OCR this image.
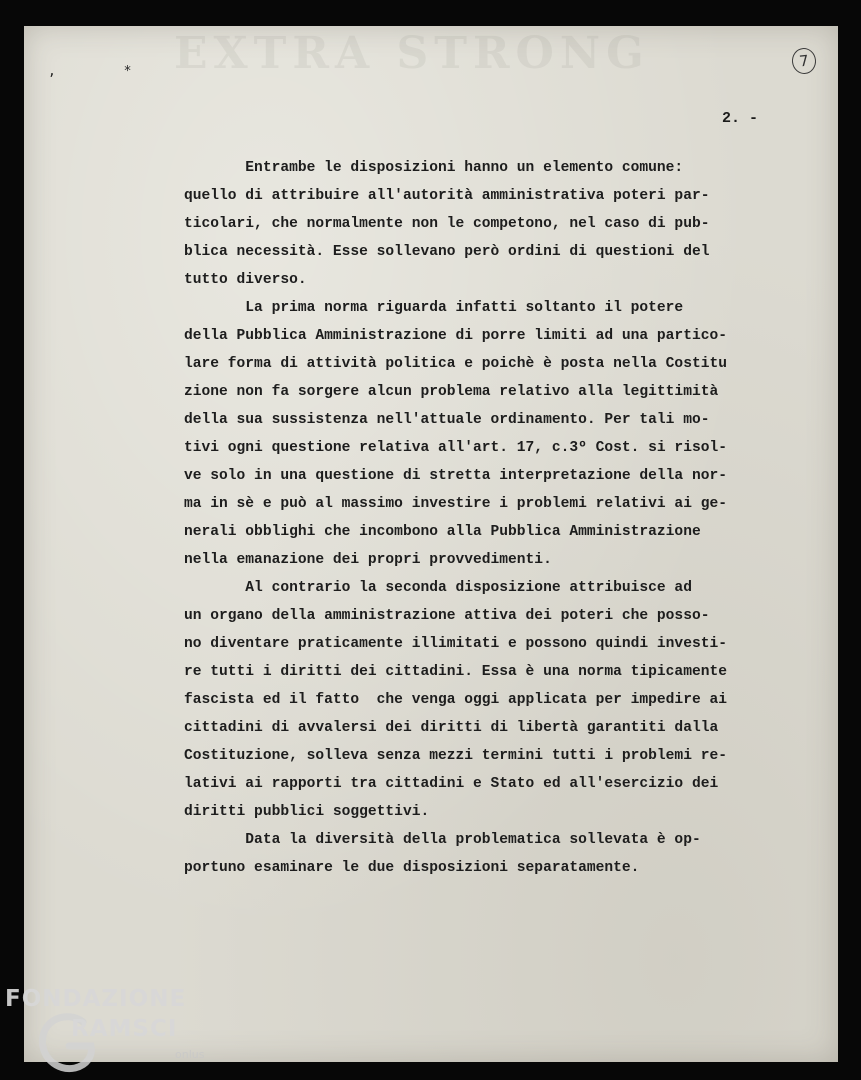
EXTRA STRONG
, *
7
2. -
Entrambe le disposizioni hanno un elemento comune:
quello di attribuire all'autorità amministrativa poteri par-
ticolari, che normalmente non le competono, nel caso di pub-
blica necessità. Esse sollevano però ordini di questioni del
tutto diverso.
La prima norma riguarda infatti soltanto il potere
della Pubblica Amministrazione di porre limiti ad una partico-
lare forma di attività politica e poichè è posta nella Costitu
zione non fa sorgere alcun problema relativo alla legittimità
della sua sussistenza nell'attuale ordinamento. Per tali mo-
tivi ogni questione relativa all'art. 17, c.3º Cost. si risol-
ve solo in una questione di stretta interpretazione della nor-
ma in sè e può al massimo investire i problemi relativi ai ge-
nerali obblighi che incombono alla Pubblica Amministrazione
nella emanazione dei propri provvedimenti.
Al contrario la seconda disposizione attribuisce ad
un organo della amministrazione attiva dei poteri che posso-
no diventare praticamente illimitati e possono quindi investi-
re tutti i diritti dei cittadini. Essa è una norma tipicamente
fascista ed il fatto  che venga oggi applicata per impedire ai
cittadini di avvalersi dei diritti di libertà garantiti dalla
Costituzione, solleva senza mezzi termini tutti i problemi re-
lativi ai rapporti tra cittadini e Stato ed all'esercizio dei
diritti pubblici soggettivi.
Data la diversità della problematica sollevata è op-
portuno esaminare le due disposizioni separatamente.
FONDAZIONE
RAMSCI
onlus
